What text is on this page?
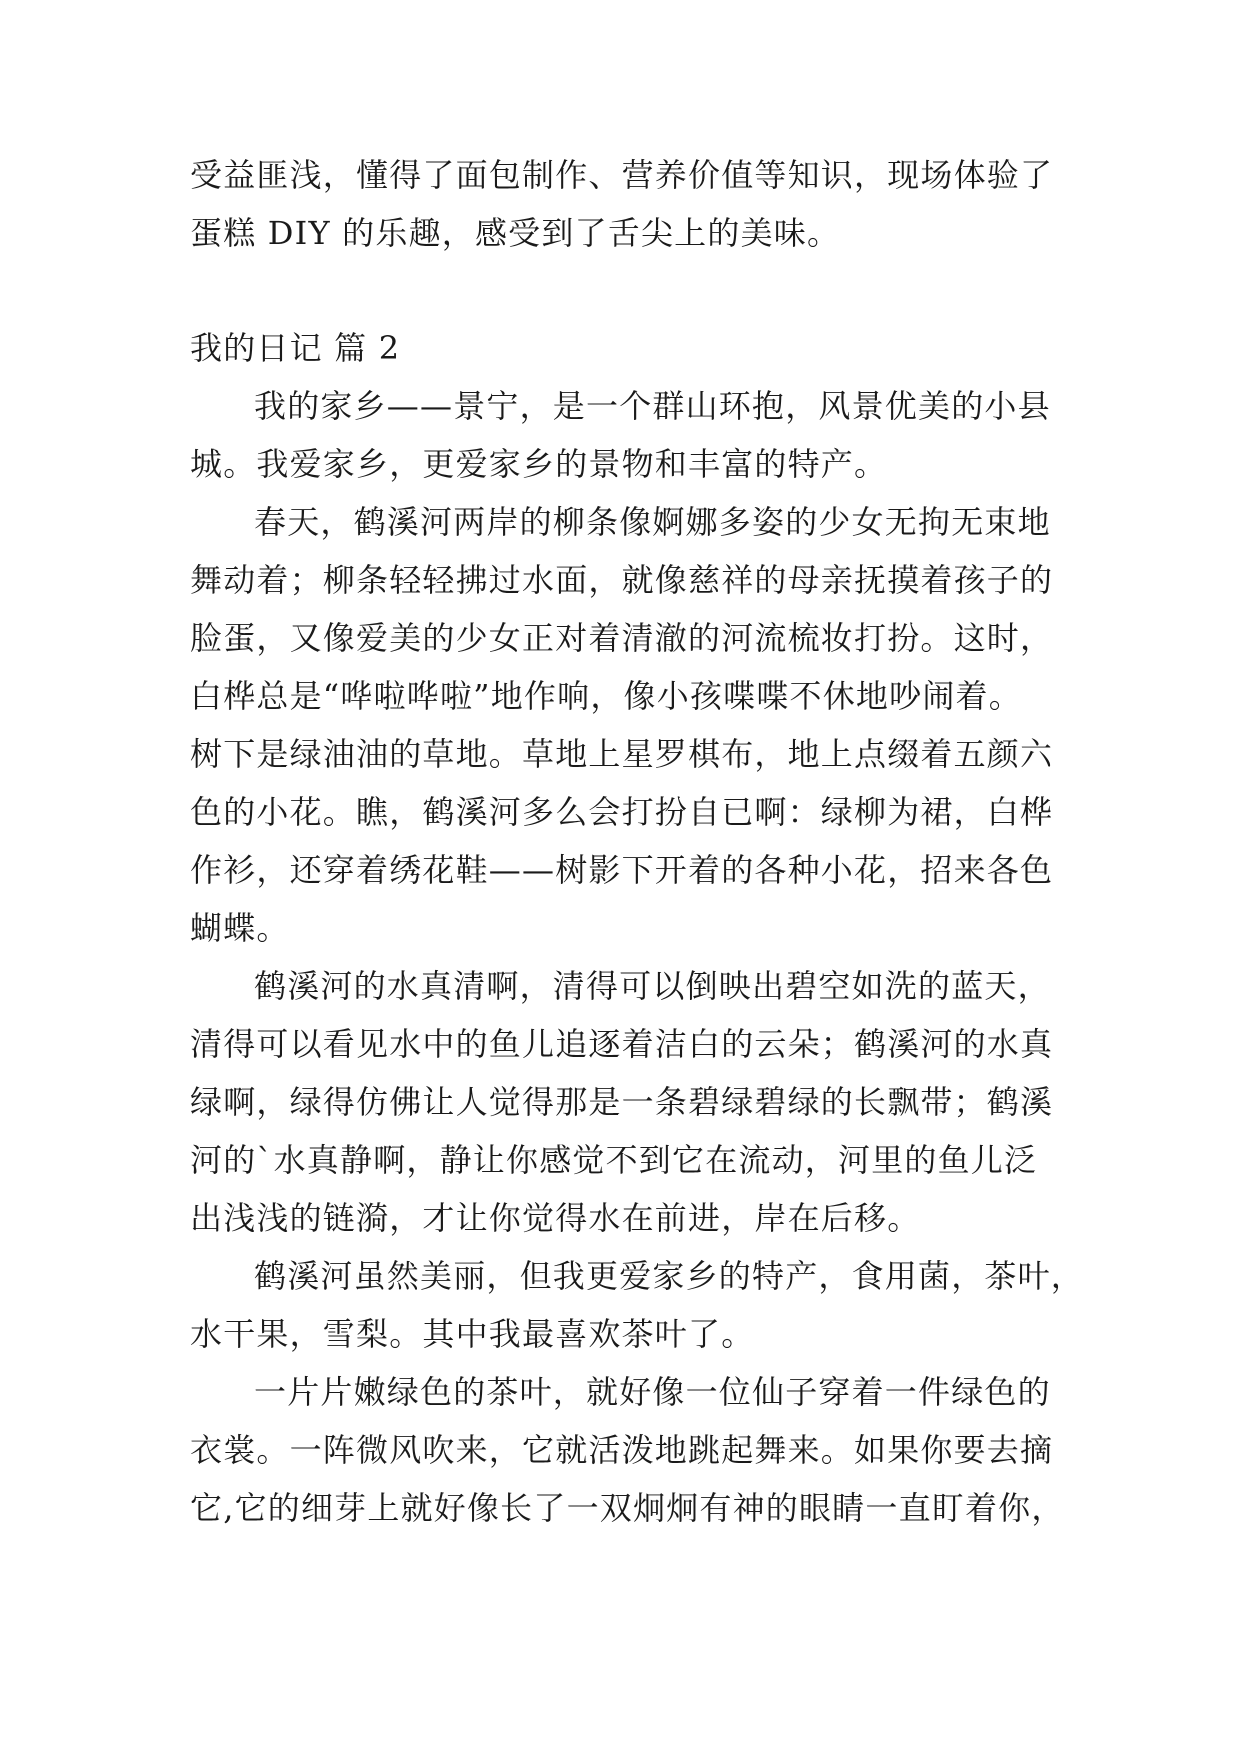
受益匪浅，懂得了面包制作、营养价值等知识，现场体验了
蛋糕 DIY 的乐趣，感受到了舌尖上的美味。
我的日记 篇 2
我的家乡——景宁，是一个群山环抱，风景优美的小县
城。我爱家乡，更爱家乡的景物和丰富的特产。
春天，鹤溪河两岸的柳条像婀娜多姿的少女无拘无束地
舞动着；柳条轻轻拂过水面，就像慈祥的母亲抚摸着孩子的
脸蛋，又像爱美的少女正对着清澈的河流梳妆打扮。这时，
白桦总是“哗啦哗啦”地作响，像小孩喋喋不休地吵闹着。
树下是绿油油的草地。草地上星罗棋布，地上点缀着五颜六
色的小花。瞧，鹤溪河多么会打扮自已啊：绿柳为裙，白桦
作衫，还穿着绣花鞋——树影下开着的各种小花，招来各色
蝴蝶。
鹤溪河的水真清啊，清得可以倒映出碧空如洗的蓝天，
清得可以看见水中的鱼儿追逐着洁白的云朵；鹤溪河的水真
绿啊，绿得仿佛让人觉得那是一条碧绿碧绿的长飘带；鹤溪
河的`水真静啊，静让你感觉不到它在流动，河里的鱼儿泛
出浅浅的链漪，才让你觉得水在前进，岸在后移。
鹤溪河虽然美丽，但我更爱家乡的特产，食用菌，茶叶，
水干果，雪梨。其中我最喜欢茶叶了。
一片片嫩绿色的茶叶，就好像一位仙子穿着一件绿色的
衣裳。一阵微风吹来，它就活泼地跳起舞来。如果你要去摘
它,它的细芽上就好像长了一双炯炯有神的眼睛一直盯着你，
